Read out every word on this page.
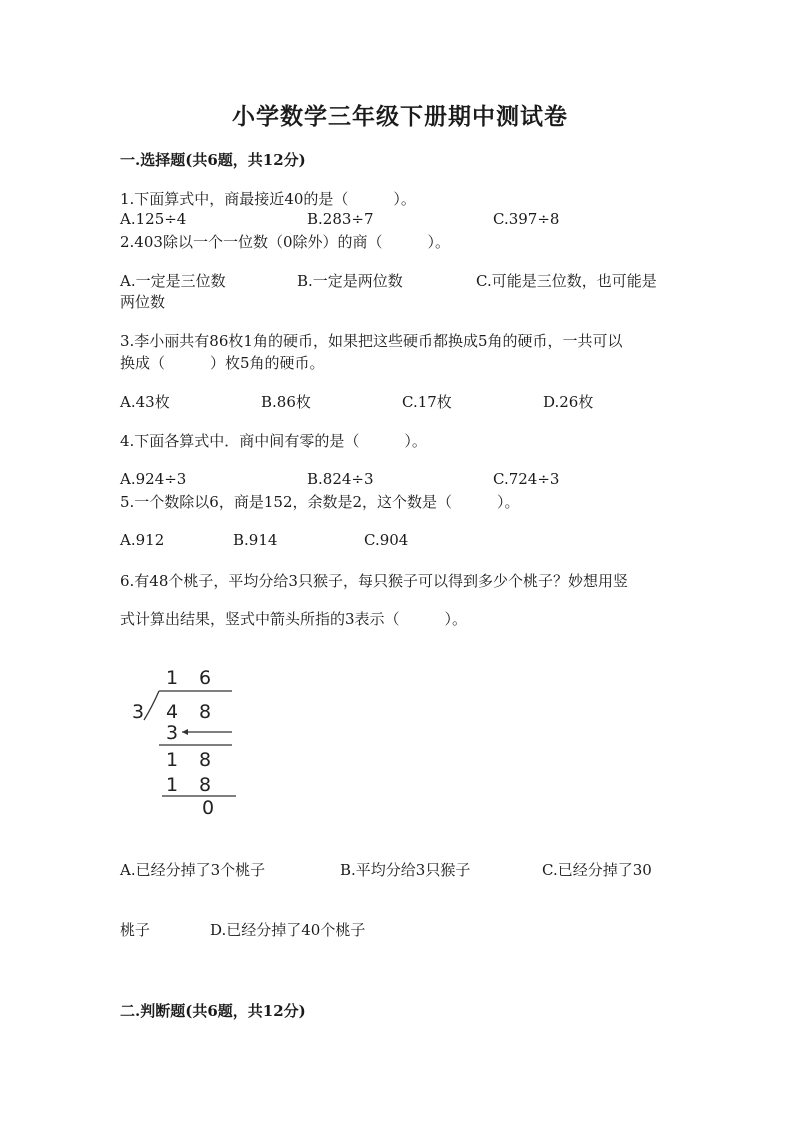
小学数学三年级下册期中测试卷

一.选择题(共6题，共12分)

1.下面算式中，商最接近40的是（　　　）。

A.125÷4	B.283÷7	C.397÷8

2.403除以一个一位数（0除外）的商（　　　）。

A.一定是三位数	B.一定是两位数	C.可能是三位数，也可能是

两位数

3.李小丽共有86枚1角的硬币，如果把这些硬币都换成5角的硬币，一共可以

换成（　　　）枚5角的硬币。

A.43枚	B.86枚	C.17枚	D.26枚

4.下面各算式中．商中间有零的是（　　　）。

A.924÷3	B.824÷3	C.724÷3

5.一个数除以6，商是152，余数是2，这个数是（　　　）。

A.912	B.914	C.904

6.有48个桃子，平均分给3只猴子，每只猴子可以得到多少个桃子？妙想用竖

式计算出结果，竖式中箭头所指的3表示（　　　）。

1 6
3 4 8
3
1 8
1 8
0

A.已经分掉了3个桃子	B.平均分给3只猴子	C.已经分掉了30

桃子	D.已经分掉了40个桃子

二.判断题(共6题，共12分)
